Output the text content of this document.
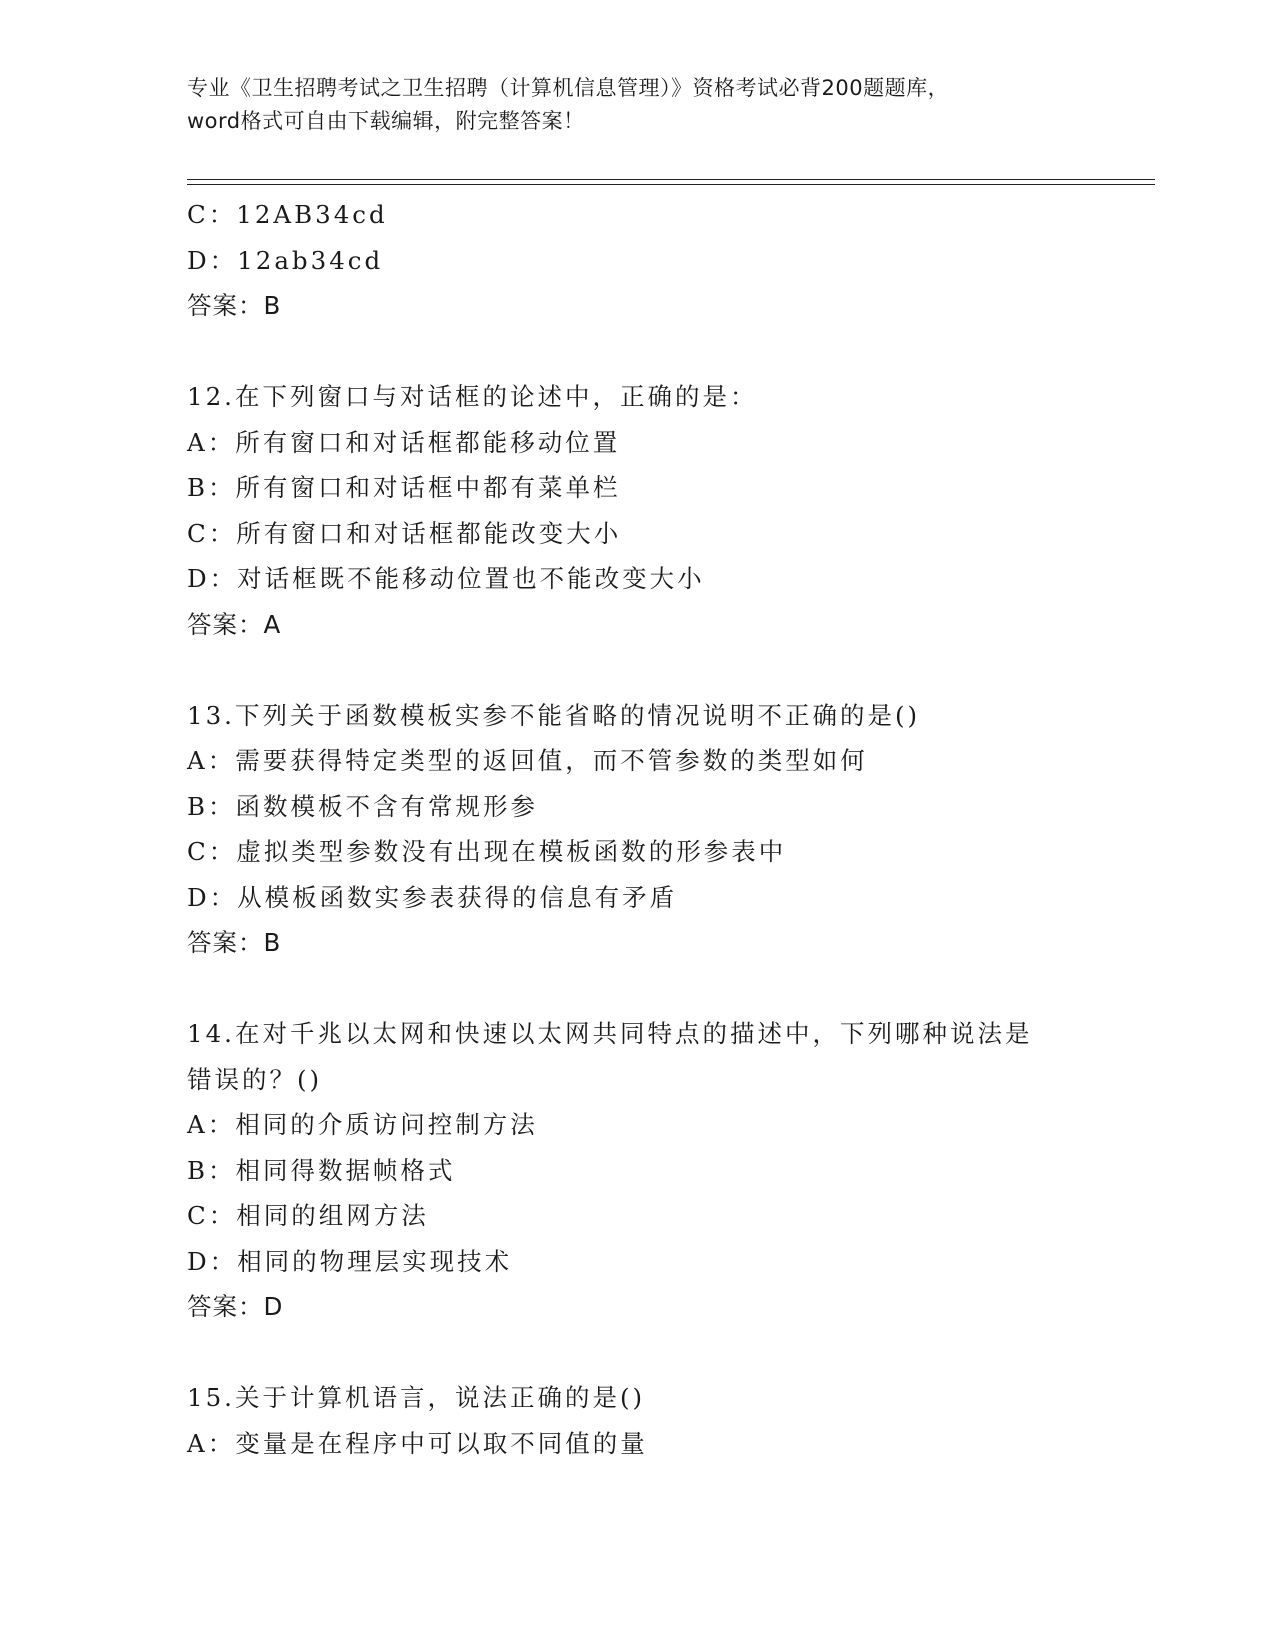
专业《卫生招聘考试之卫生招聘（计算机信息管理）》资格考试必背200题题库，
word格式可自由下载编辑，附完整答案！
C：12AB34cd
D：12ab34cd
答案：B
12.在下列窗口与对话框的论述中，正确的是：
A：所有窗口和对话框都能移动位置
B：所有窗口和对话框中都有菜单栏
C：所有窗口和对话框都能改变大小
D：对话框既不能移动位置也不能改变大小
答案：A
13.下列关于函数模板实参不能省略的情况说明不正确的是()
A：需要获得特定类型的返回值，而不管参数的类型如何
B：函数模板不含有常规形参
C：虚拟类型参数没有出现在模板函数的形参表中
D：从模板函数实参表获得的信息有矛盾
答案：B
14.在对千兆以太网和快速以太网共同特点的描述中，下列哪种说法是
错误的？()
A：相同的介质访问控制方法
B：相同得数据帧格式
C：相同的组网方法
D：相同的物理层实现技术
答案：D
15.关于计算机语言，说法正确的是()
A：变量是在程序中可以取不同值的量
